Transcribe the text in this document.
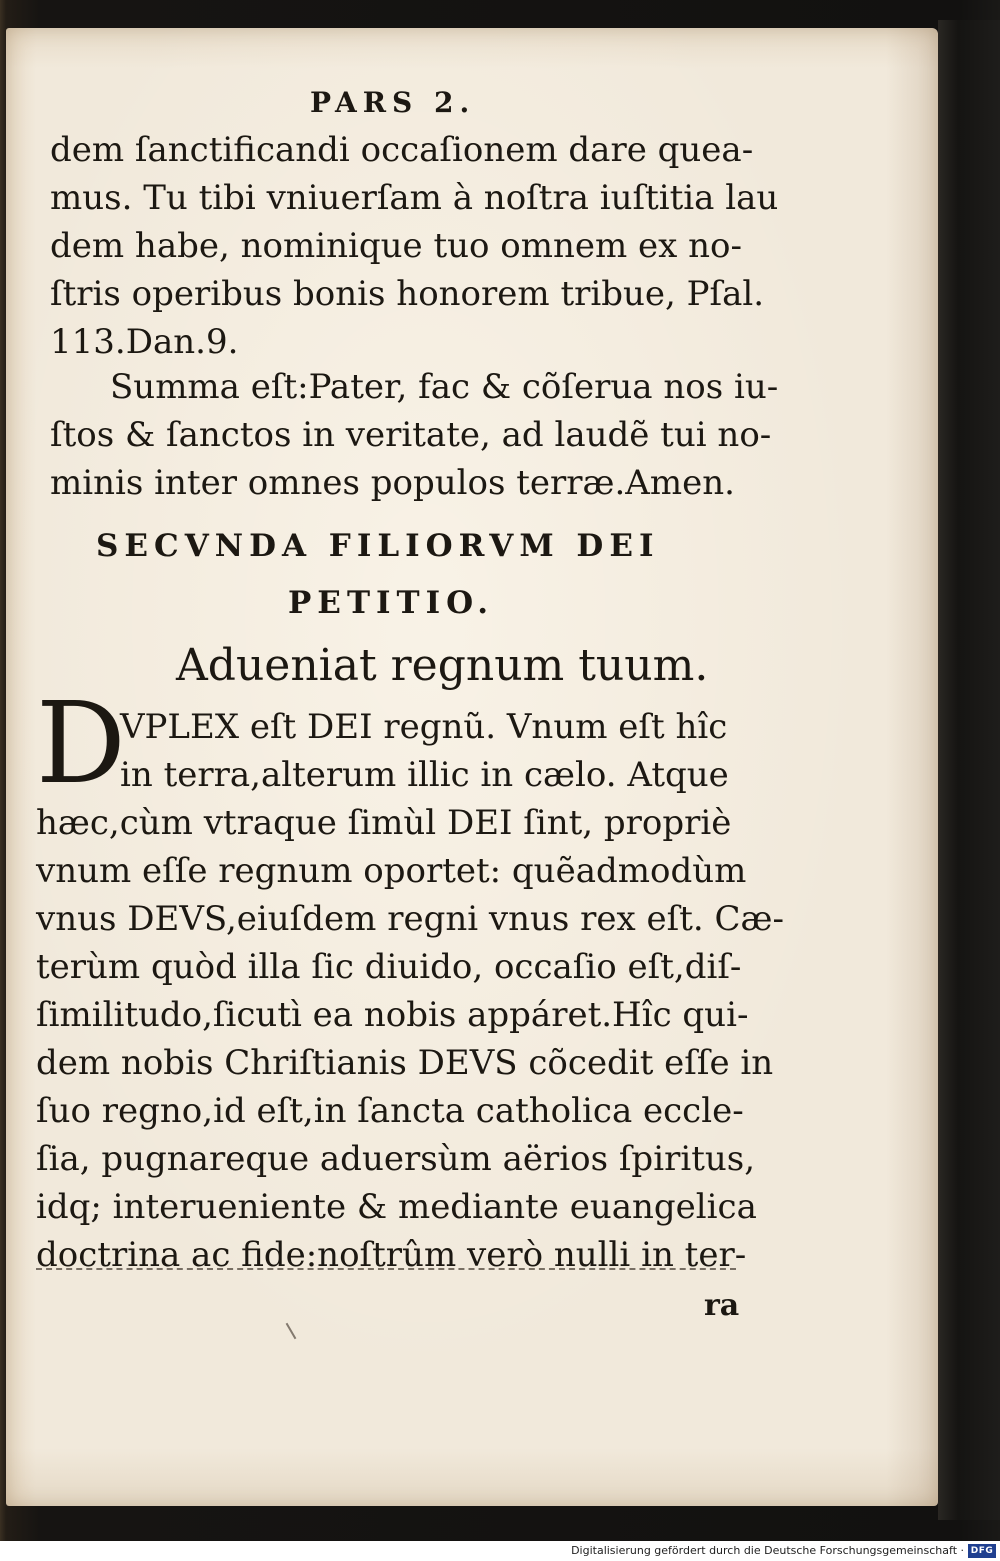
PARS 2.
dem ſanctificandi occaſionem dare quea-
mus. Tu tibi vniuerſam à noſtra iuſtitia lau
dem habe, nominique tuo omnem ex no-
ſtris operibus bonis honorem tribue, Pſal.
113.Dan.9.
Summa eſt:Pater, fac & cõſerua nos iu-
ſtos & ſanctos in veritate, ad laudẽ tui no-
minis inter omnes populos terræ.Amen.
SECVNDA FILIORVM DEI
PETITIO.
Adueniat regnum tuum.
D
VPLEX eſt DEI regnũ. Vnum eſt hîc
in terra,alterum illic in cælo. Atque
hæc,cùm vtraque ſimùl DEI ſint, propriè
vnum eſſe regnum oportet: quẽadmodùm
vnus DEVS,eiuſdem regni vnus rex eſt. Cæ-
terùm quòd illa ſic diuido, occaſio eſt,diſ-
ſimilitudo,ſicutì ea nobis appáret.Hîc qui-
dem nobis Chriſtianis DEVS cõcedit eſſe in
ſuo regno,id eſt,in ſancta catholica eccle-
ſia, pugnareque aduersùm aërios ſpiritus,
idq; interueniente & mediante euangelica
doctrina ac fide:noſtrûm verò nulli in ter-
ra
Digitalisierung gefördert durch die Deutsche Forschungsgemeinschaft · DFG
